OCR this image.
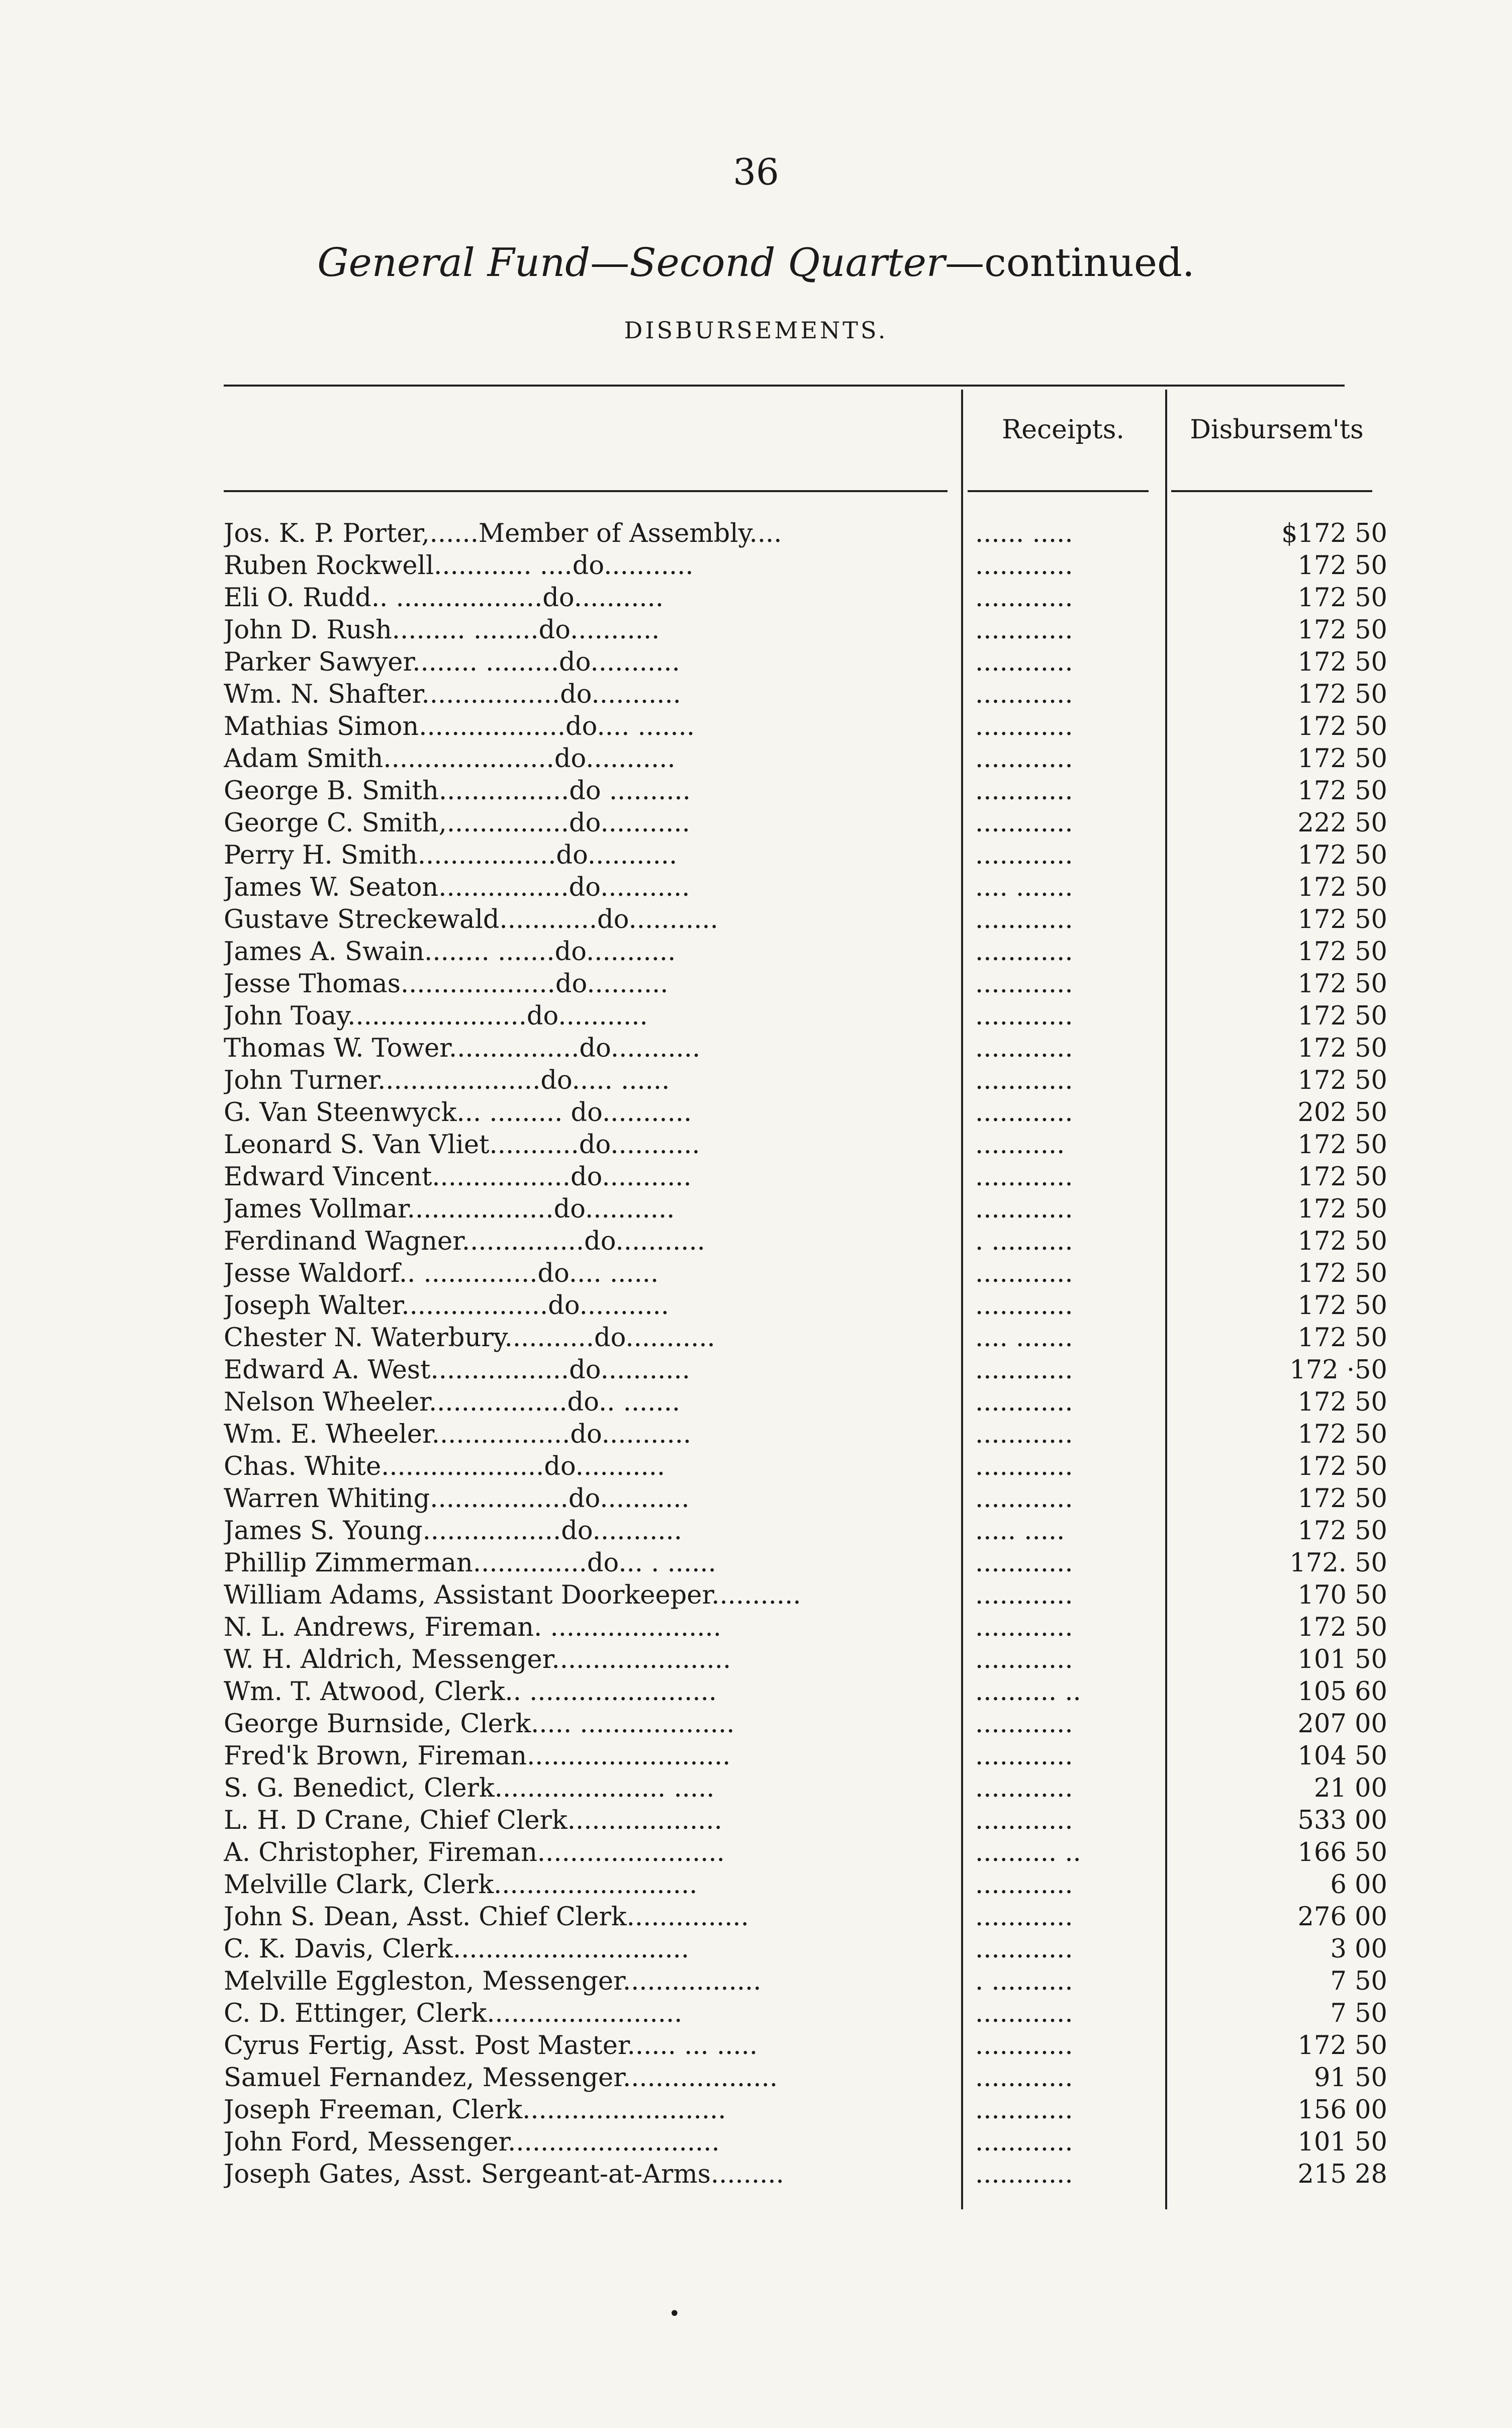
36
General Fund—Second Quarter—continued.
DISBURSEMENTS.
Receipts.	Disbursem'ts
Jos. K. P. Porter,......Member of Assembly....	...... .....	$172 50
Ruben Rockwell............ ....do...........	............	172 50
Eli O. Rudd.. ..................do...........	............	172 50
John D. Rush......... ........do...........	............	172 50
Parker Sawyer........ .........do...........	............	172 50
Wm. N. Shafter.................do...........	............	172 50
Mathias Simon..................do.... .......	............	172 50
Adam Smith.....................do...........	............	172 50
George B. Smith................do ..........	............	172 50
George C. Smith,...............do...........	............	222 50
Perry H. Smith.................do...........	............	172 50
James W. Seaton................do...........	.... .......	172 50
Gustave Streckewald............do...........	............	172 50
James A. Swain........ .......do...........	............	172 50
Jesse Thomas...................do..........	............	172 50
John Toay......................do...........	............	172 50
Thomas W. Tower................do...........	............	172 50
John Turner....................do..... ......	............	172 50
G. Van Steenwyck... ......... do...........	............	202 50
Leonard S. Van Vliet...........do...........	...........	172 50
Edward Vincent.................do...........	............	172 50
James Vollmar..................do...........	............	172 50
Ferdinand Wagner...............do...........	. ..........	172 50
Jesse Waldorf.. ..............do.... ......	............	172 50
Joseph Walter..................do...........	............	172 50
Chester N. Waterbury...........do...........	.... .......	172 50
Edward A. West.................do...........	............	172 ·50
Nelson Wheeler.................do.. .......	............	172 50
Wm. E. Wheeler.................do...........	............	172 50
Chas. White....................do...........	............	172 50
Warren Whiting.................do...........	............	172 50
James S. Young.................do...........	..... .....	172 50
Phillip Zimmerman..............do... . ......	............	172. 50
William Adams, Assistant Doorkeeper...........	............	170 50
N. L. Andrews, Fireman. .....................	............	172 50
W. H. Aldrich, Messenger......................	............	101 50
Wm. T. Atwood, Clerk.. .......................	.......... ..	105 60
George Burnside, Clerk..... ...................	............	207 00
Fred'k Brown, Fireman.........................	............	104 50
S. G. Benedict, Clerk..................... .....	............	21 00
L. H. D Crane, Chief Clerk...................	............	533 00
A. Christopher, Fireman.......................	.......... ..	166 50
Melville Clark, Clerk.........................	............	6 00
John S. Dean, Asst. Chief Clerk...............	............	276 00
C. K. Davis, Clerk.............................	............	3 00
Melville Eggleston, Messenger.................	. ..........	7 50
C. D. Ettinger, Clerk........................	............	7 50
Cyrus Fertig, Asst. Post Master...... ... .....	............	172 50
Samuel Fernandez, Messenger...................	............	91 50
Joseph Freeman, Clerk.........................	............	156 00
John Ford, Messenger..........................	............	101 50
Joseph Gates, Asst. Sergeant-at-Arms.........	............	215 28
•
